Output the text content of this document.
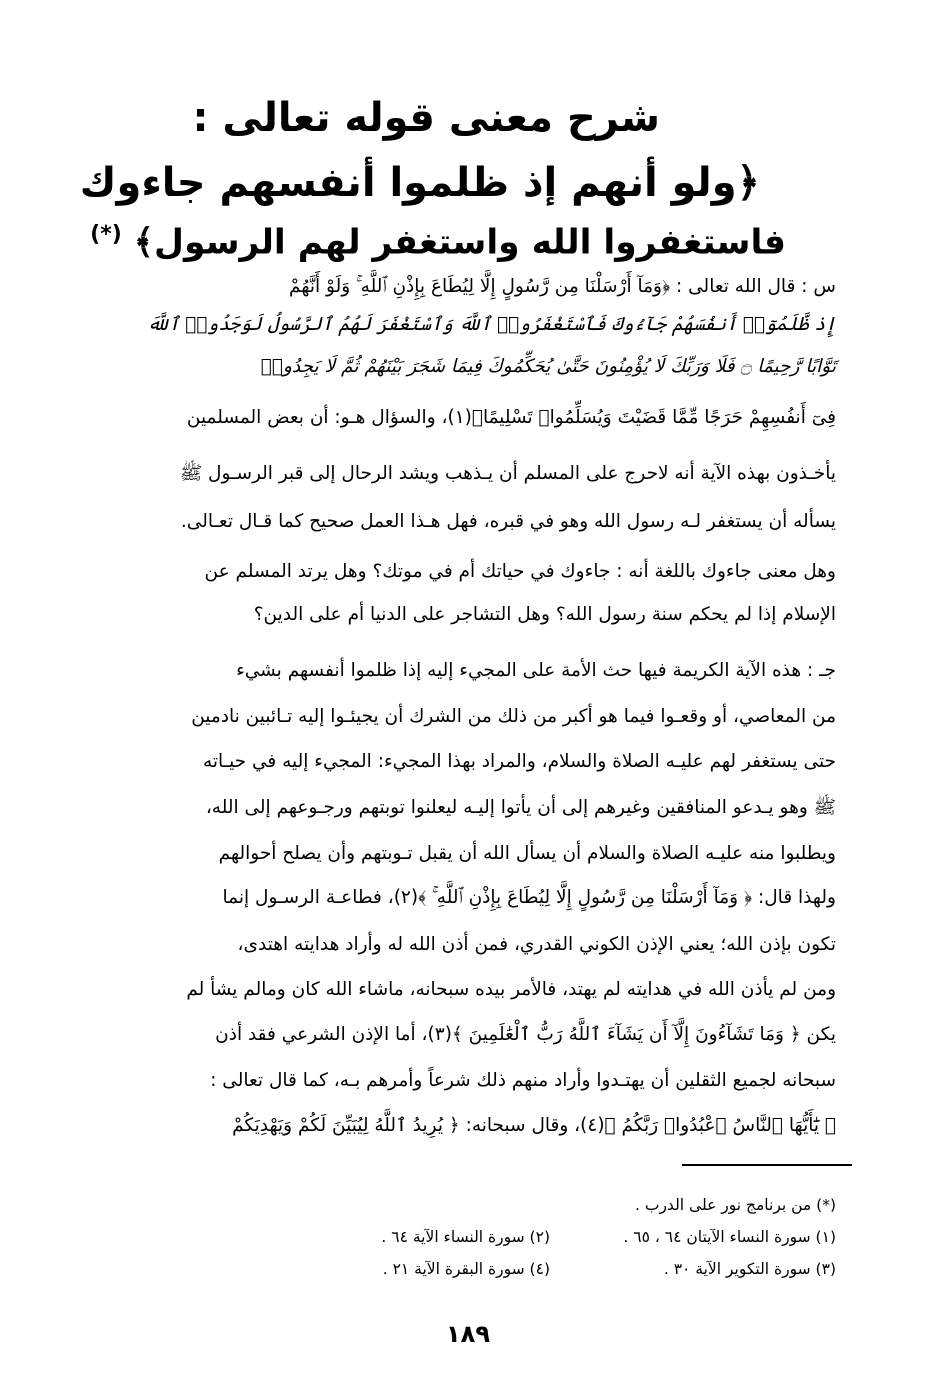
شرح معنى قوله تعالى :
﴿ولو أنهم إذ ظلموا أنفسهم جاءوك
فاستغفروا الله واستغفر لهم الرسول﴾ (*)
س : قال الله تعالى : ﴿وَمَآ أَرْسَلْنَا مِن رَّسُولٍ إِلَّا لِيُطَاعَ بِإِذْنِ ٱللَّهِ ۚ وَلَوْ أَنَّهُمْ
إِذ ظَّلَمُوٓا۟ أَنفُسَهُمْ جَآءُوكَ فَٱسْتَغْفَرُوا۟ ٱللَّهَ وَٱسْتَغْفَرَ لَهُمُ ٱلرَّسُولُ لَوَجَدُوا۟ ٱللَّهَ
تَوَّابًا رَّحِيمًا ۝ فَلَا وَرَبِّكَ لَا يُؤْمِنُونَ حَتَّىٰ يُحَكِّمُوكَ فِيمَا شَجَرَ بَيْنَهُمْ ثُمَّ لَا يَجِدُوا۟
فِىٓ أَنفُسِهِمْ حَرَجًا مِّمَّا قَضَيْتَ وَيُسَلِّمُوا۟ تَسْلِيمًا﴾(١)، والسؤال هـو: أن بعض المسلمين
يأخـذون بهذه الآية أنه لاحرج على المسلم أن يـذهب ويشد الرحال إلى قبر الرسـول ﷺ
يسأله أن يستغفر لـه رسول الله وهو في قبره، فهل هـذا العمل صحيح كما قـال تعـالى.
وهل معنى جاءوك باللغة أنه : جاءوك في حياتك أم في موتك؟ وهل يرتد المسلم عن
الإسلام إذا لم يحكم سنة رسول الله؟ وهل التشاجر على الدنيا أم على الدين؟
جـ : هذه الآية الكريمة فيها حث الأمة على المجيء إليه إذا ظلموا أنفسهم بشيء
من المعاصي، أو وقعـوا فيما هو أكبر من ذلك من الشرك أن يجيئـوا إليه تـائبين نادمين
حتى يستغفر لهم عليـه الصلاة والسلام، والمراد بهذا المجيء: المجيء إليه في حيـاته
ﷺ وهو يـدعو المنافقين وغيرهم إلى أن يأتوا إليـه ليعلنوا توبتهم ورجـوعهم إلى الله،
ويطلبوا منه عليـه الصلاة والسلام أن يسأل الله أن يقبل تـوبتهم وأن يصلح أحوالهم
ولهذا قال: ﴿ وَمَآ أَرْسَلْنَا مِن رَّسُولٍ إِلَّا لِيُطَاعَ بِإِذْنِ ٱللَّهِ ۚ ﴾(٢)، فطاعـة الرسـول إنما
تكون بإذن الله؛ يعني الإذن الكوني القدري، فمن أذن الله له وأراد هدايته اهتدى،
ومن لم يأذن الله في هدايته لم يهتد، فالأمر بيده سبحانه، ماشاء الله كان ومالم يشأ لم
يكن ﴿ وَمَا تَشَآءُونَ إِلَّآ أَن يَشَآءَ ٱللَّهُ رَبُّ ٱلْعَٰلَمِينَ ﴾(٣)، أما الإذن الشرعي فقد أذن
سبحانه لجميع الثقلين أن يهتـدوا وأراد منهم ذلك شرعاً وأمرهم بـه، كما قال تعالى :
﴿ يَٰٓأَيُّهَا ٱلنَّاسُ ٱعْبُدُوا۟ رَبَّكُمُ ﴾(٤)، وقال سبحانه: ﴿ يُرِيدُ ٱللَّهُ لِيُبَيِّنَ لَكُمْ وَيَهْدِيَكُمْ
(*) من برنامج نور على الدرب .
(١) سورة النساء الآيتان ٦٤ ، ٦٥ .
(٢) سورة النساء الآية ٦٤ .
(٣) سورة التكوير الآية ٣٠ .
(٤) سورة البقرة الآية ٢١ .
١٨٩
